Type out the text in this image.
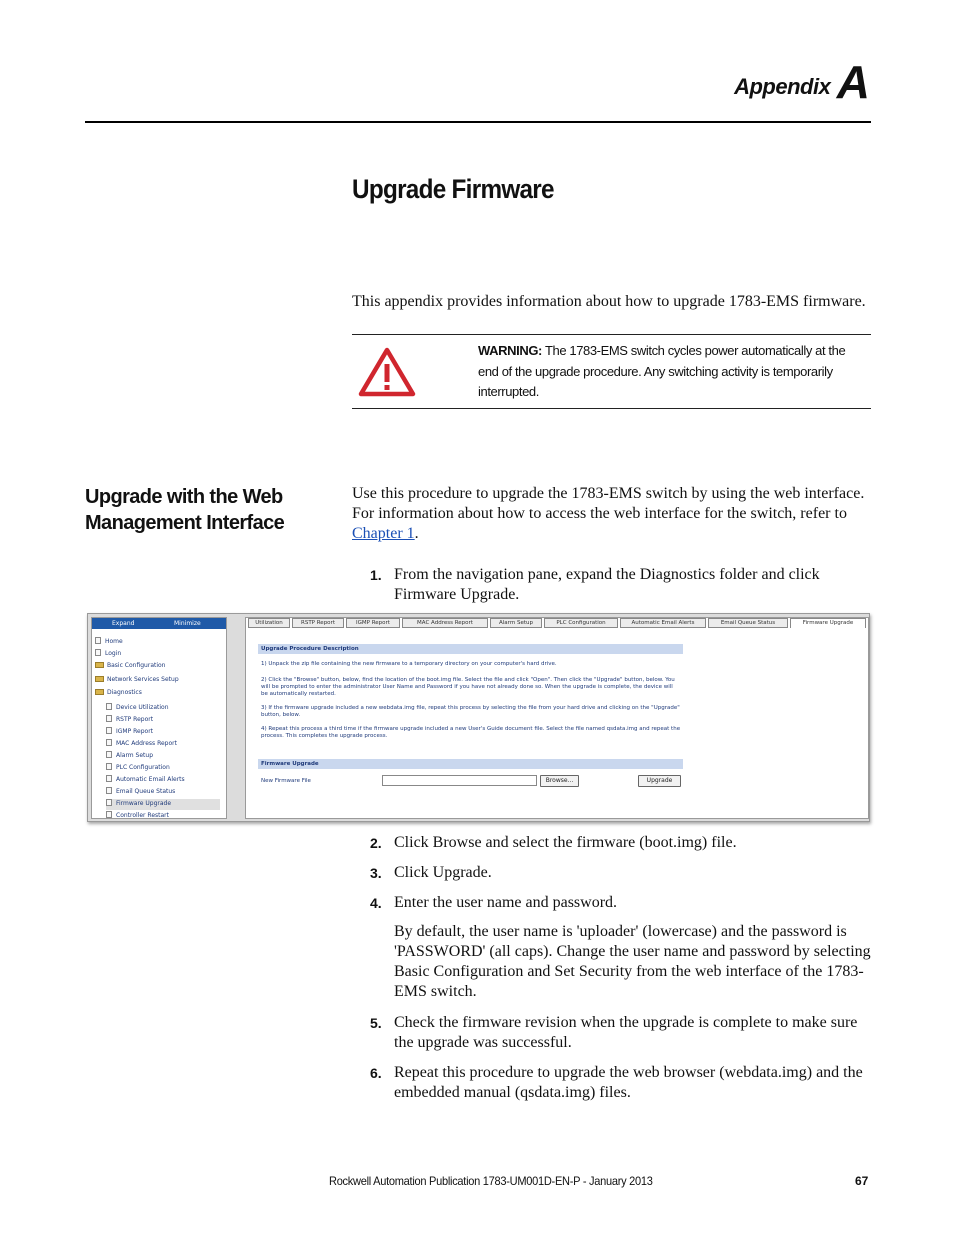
Appendix A
Upgrade Firmware

This appendix provides information about how to upgrade 1783-EMS firmware.

WARNING: The 1783-EMS switch cycles power automatically at the end of the upgrade procedure. Any switching activity is temporarily interrupted.
Upgrade with the Web Management Interface

Use this procedure to upgrade the 1783-EMS switch by using the web interface. For information about how to access the web interface for the switch, refer to Chapter 1.

1. From the navigation pane, expand the Diagnostics folder and click Firmware Upgrade.
Expand	Minimize
Home
Login
Basic Configuration
Network Services Setup
Diagnostics
Device Utilization
RSTP Report
IGMP Report
MAC Address Report
Alarm Setup
PLC Configuration
Automatic Email Alerts
Email Queue Status
Firmware Upgrade
Controller Restart
Utilization	RSTP Report	IGMP Report	MAC Address Report	Alarm Setup	PLC Configuration	Automatic Email Alerts	Email Queue Status	Firmware Upgrade
Upgrade Procedure Description
1) Unpack the zip file containing the new firmware to a temporary directory on your computer's hard drive.
2) Click the "Browse" button, below, find the location of the boot.img file. Select the file and click "Open". Then click the "Upgrade" button, below. You will be prompted to enter the administrator User Name and Password if you have not already done so. When the upgrade is complete, the device will be automatically restarted.
3) If the firmware upgrade included a new webdata.img file, repeat this process by selecting the file from your hard drive and clicking on the "Upgrade" button, below.
4) Repeat this process a third time if the firmware upgrade included a new User's Guide document file. Select the file named qsdata.img and repeat the process. This completes the upgrade process.
Firmware Upgrade
New Firmware File	Browse...	Upgrade
2. Click Browse and select the firmware (boot.img) file.
3. Click Upgrade.
4. Enter the user name and password.

By default, the user name is 'uploader' (lowercase) and the password is 'PASSWORD' (all caps). Change the user name and password by selecting Basic Configuration and Set Security from the web interface of the 1783-EMS switch.

5. Check the firmware revision when the upgrade is complete to make sure the upgrade was successful.
6. Repeat this procedure to upgrade the web browser (webdata.img) and the embedded manual (qsdata.img) files.
Rockwell Automation Publication 1783-UM001D-EN-P - January 2013	67
